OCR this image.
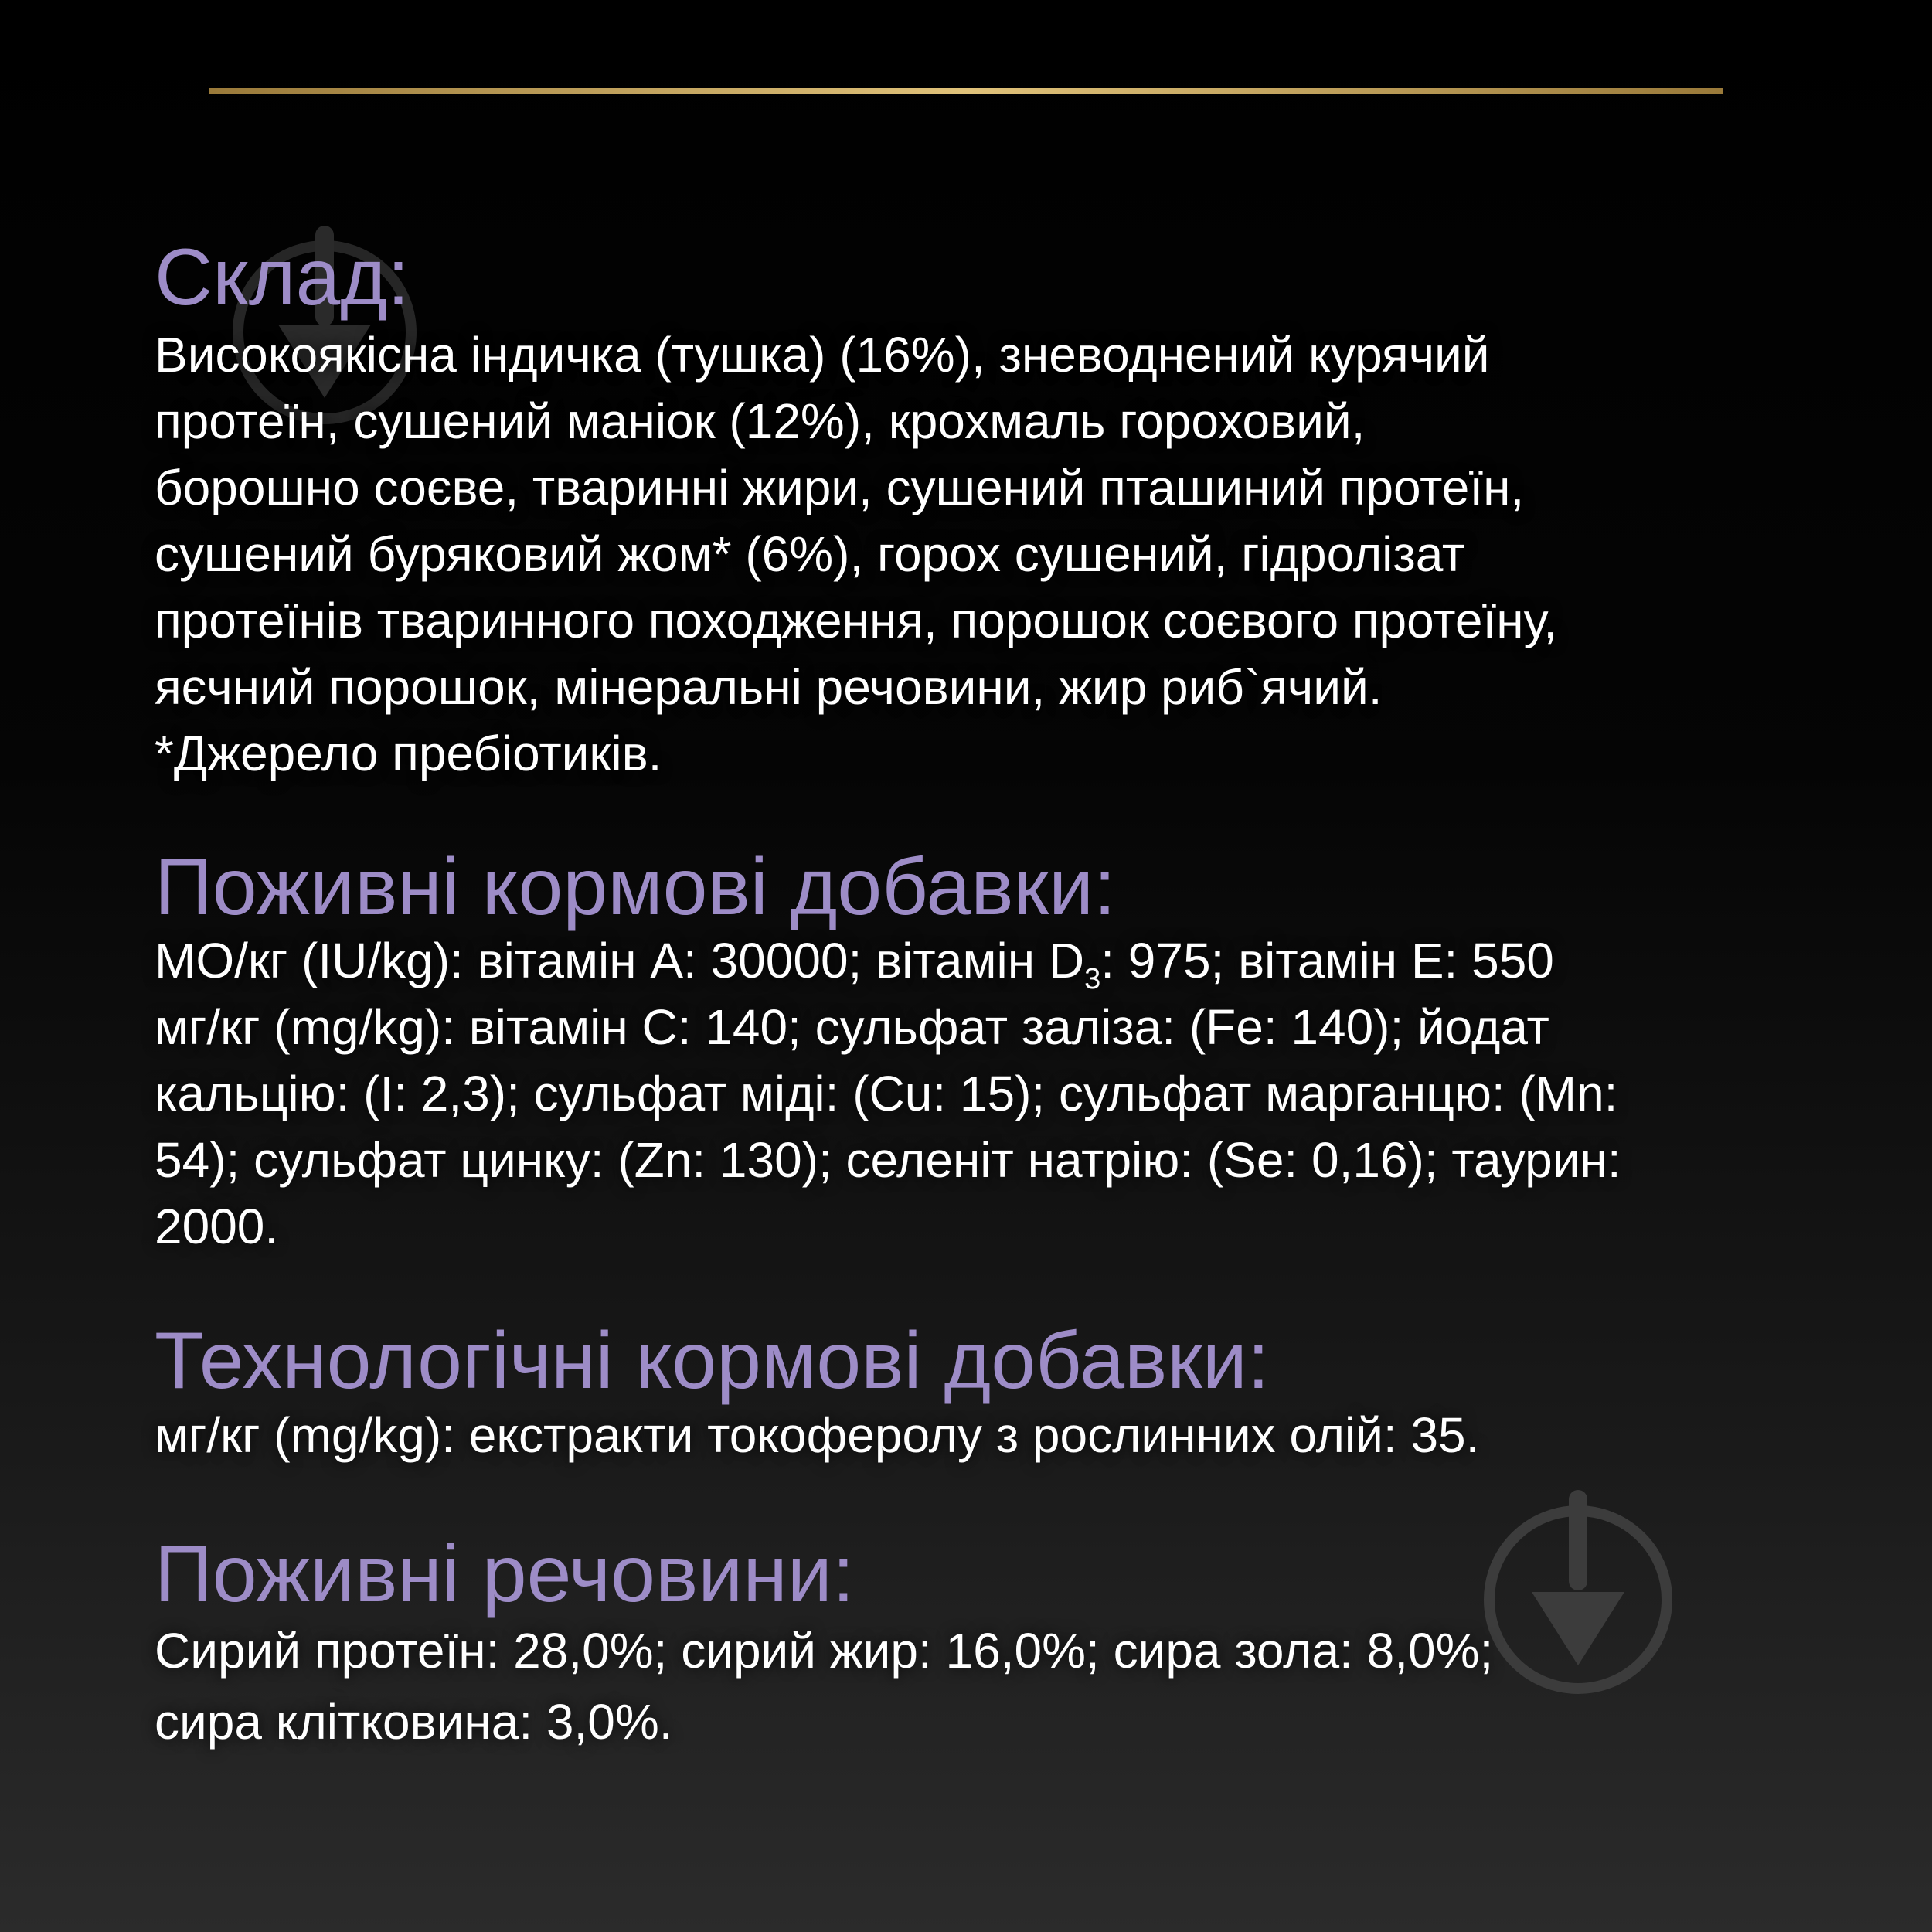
Склад:
Високоякісна індичка (тушка) (16%), зневоднений курячий
протеїн, сушений маніок (12%), крохмаль гороховий,
борошно соєве, тваринні жири, сушений пташиний протеїн,
сушений буряковий жом* (6%), горох сушений, гідролізат
протеїнів тваринного походження, порошок соєвого протеїну,
яєчний порошок, мінеральні речовини, жир риб`ячий.
*Джерело пребіотиків.
Поживні кормові добавки:
МО/кг (IU/kg): вітамін А: 30000; вітамін $D_3$: 975; вітамін Е: 550
мг/кг (mg/kg): вітамін С: 140; сульфат заліза: (Fe: 140); йодат
кальцію: (I: 2,3); сульфат міді: (Cu: 15); сульфат марганцю: (Mn:
54); сульфат цинку: (Zn: 130); селеніт натрію: (Se: 0,16); таурин:
2000.
Технологічні кормові добавки:
мг/кг (mg/kg): екстракти токоферолу з рослинних олій: 35.
Поживні речовини:
Сирий протеїн: 28,0%; сирий жир: 16,0%; сира зола: 8,0%;
сира клітковина: 3,0%.
